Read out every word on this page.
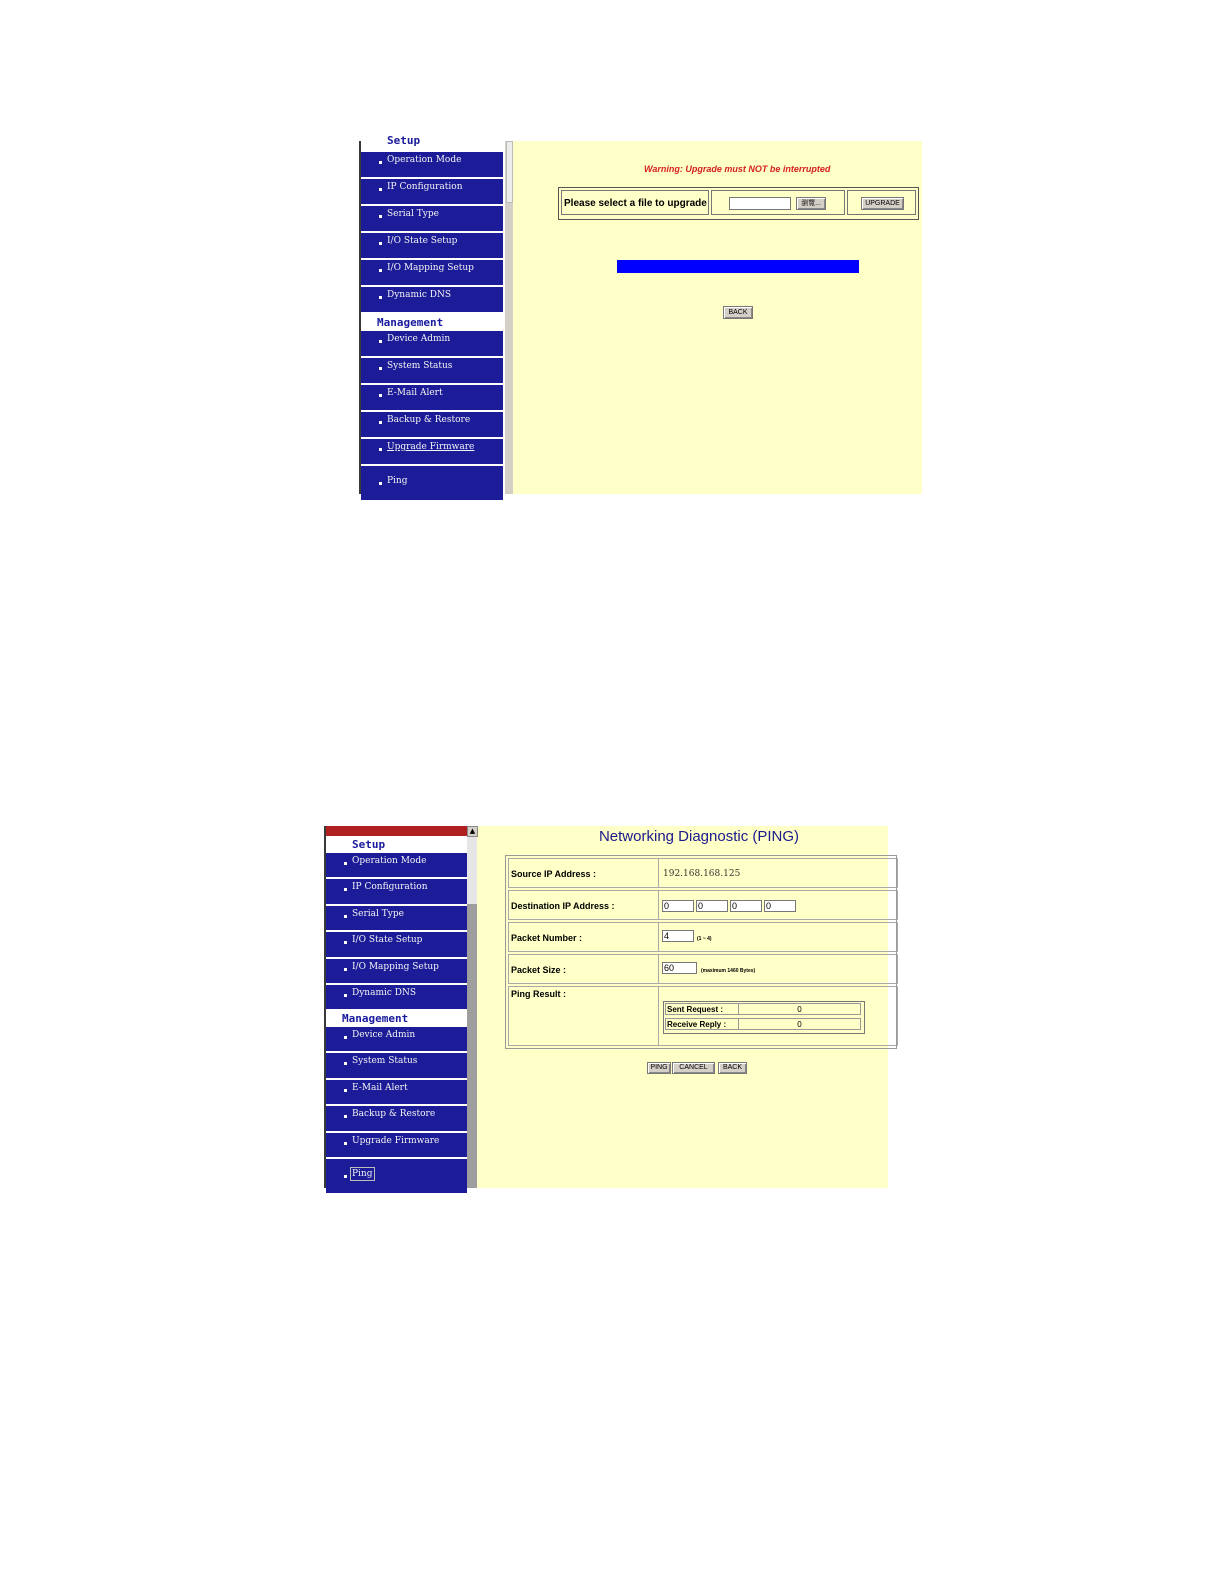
Setup
Operation Mode
IP Configuration
Serial Type
I/O State Setup
I/O Mapping Setup
Dynamic DNS
Management
Device Admin
System Status
E-Mail Alert
Backup & Restore
Upgrade Firmware
Ping
Warning: Upgrade must NOT be interrupted
Please select a file to upgrade	瀏覽...	UPGRADE
BACK
Setup
Operation Mode
IP Configuration
Serial Type
I/O State Setup
I/O Mapping Setup
Dynamic DNS
Management
Device Admin
System Status
E-Mail Alert
Backup & Restore
Upgrade Firmware
Ping
▲	Networking Diagnostic (PING)
Source IP Address :	192.168.168.125
Destination IP Address :	0	0	0	0
Packet Number :	4	(1 ~ 4)
Packet Size :	60	(maximum 1460 Bytes)
Ping Result :
Sent Request :	0
Receive Reply :	0
PING	CANCEL	BACK
